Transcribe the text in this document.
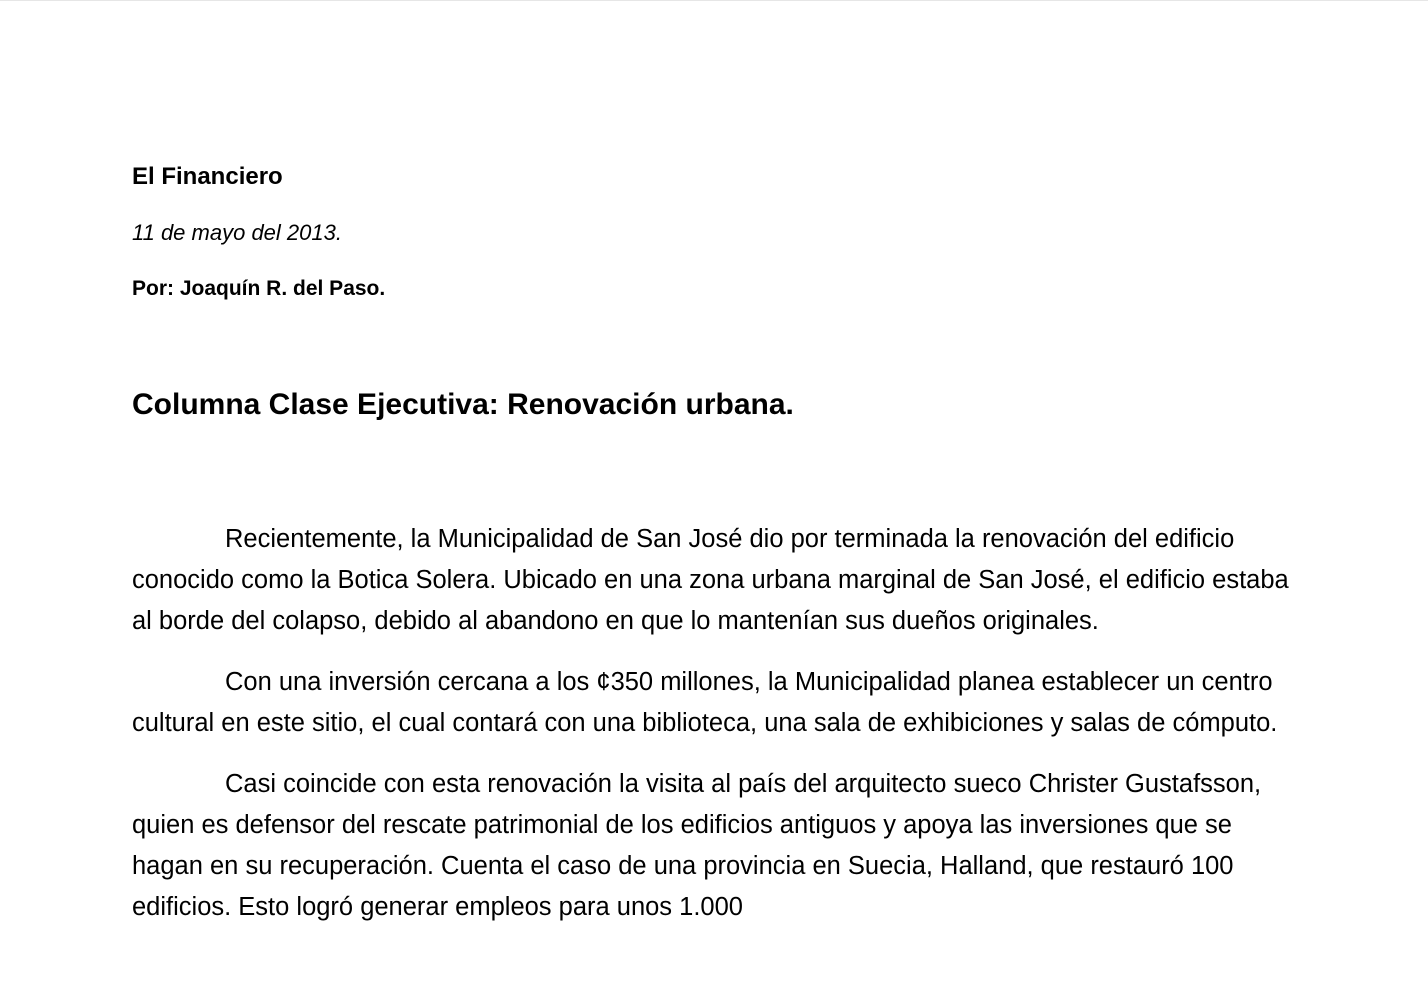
El Financiero
11 de mayo del 2013.
Por: Joaquín R. del Paso.
Columna Clase Ejecutiva: Renovación urbana.

Recientemente, la Municipalidad de San José dio por terminada la renovación del edificio conocido como la Botica Solera. Ubicado en una zona urbana marginal de San José, el edificio estaba al borde del colapso, debido al abandono en que lo mantenían sus dueños originales.

Con una inversión cercana a los ¢350 millones, la Municipalidad planea establecer un centro cultural en este sitio, el cual contará con una biblioteca, una sala de exhibiciones y salas de cómputo.

Casi coincide con esta renovación la visita al país del arquitecto sueco Christer Gustafsson, quien es defensor del rescate patrimonial de los edificios antiguos y apoya las inversiones que se hagan en su recuperación. Cuenta el caso de una provincia en Suecia, Halland, que restauró 100 edificios. Esto logró generar empleos para unos 1.000
